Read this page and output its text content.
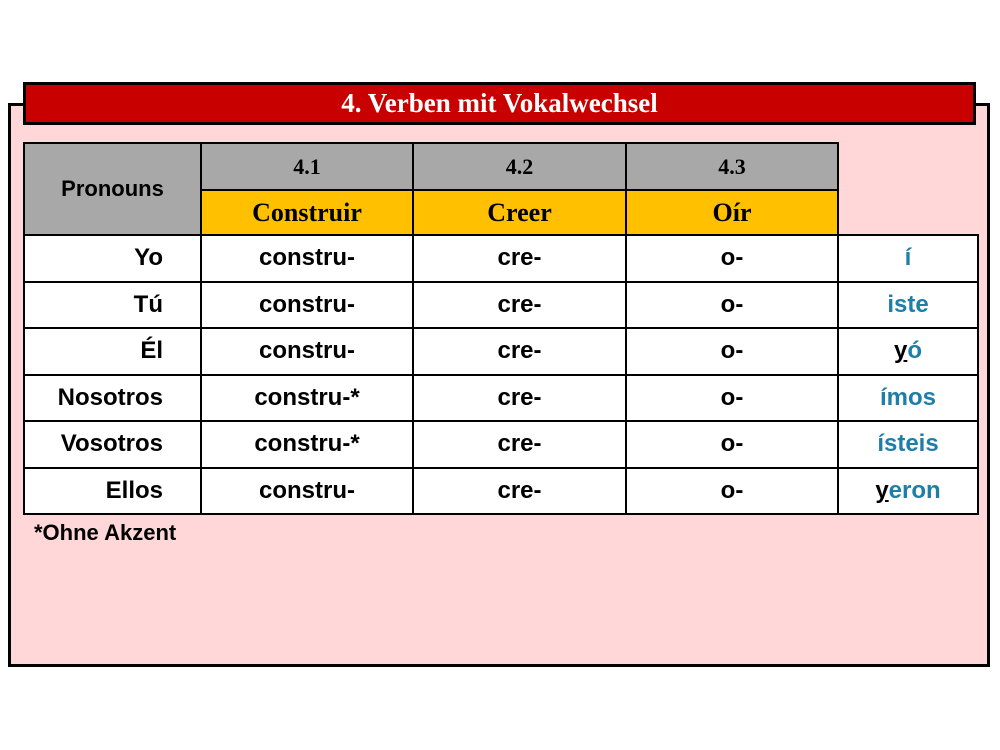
4. Verben mit Vokalwechsel
Pronouns	4.1	4.2	4.3	
	Construir	Creer	Oír	
Yo	constru-	cre-	o-	í
Tú	constru-	cre-	o-	iste
Él	constru-	cre-	o-	yó
Nosotros	constru-*	cre-	o-	ímos
Vosotros	constru-*	cre-	o-	ísteis
Ellos	constru-	cre-	o-	yeron
*Ohne Akzent
